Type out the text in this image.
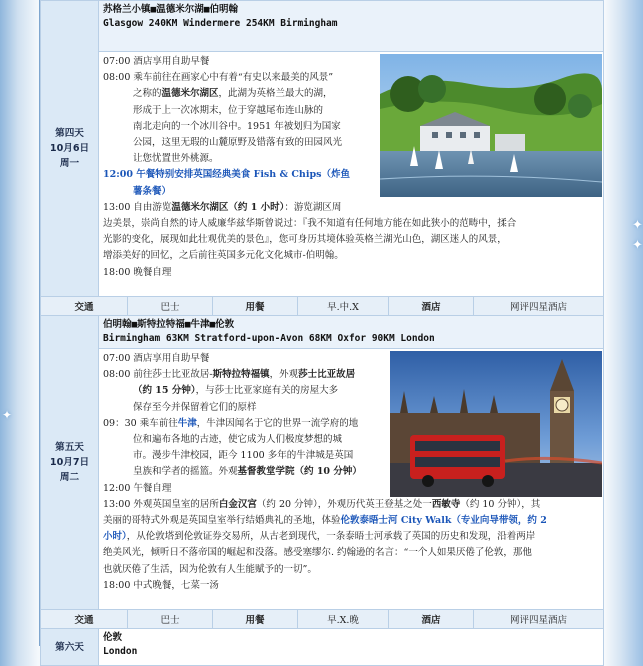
✦
✦
✦
第四天
10月6日
周一

苏格兰小镇■温德米尔湖■伯明翰
Glasgow 240KM Windermere 254KM Birmingham

07:00 酒店享用自助早餐
08:00 乘车前往在画家心中有着“有史以来最美的风景”
之称的温德米尔湖区，此湖为英格兰最大的湖，
形成于上一次冰期末，位于穿越尾布连山脉的
南北走向的一个冰川谷中。1951 年被划归为国家
公园，这里无瑕的山麓原野及错落有致的田园风光
让您忧置世外桃源。
12:00 午餐特别安排英国经典美食 Fish & Chips（炸鱼
薯条餐）
13:00 自由游览温德米尔湖区（约 1 小时）：游览湖区周
边美景，崇尚自然的诗人威廉华兹华斯曾说过：『我不知道有任何地方能在如此狭小的范畴中，揉合
光影的变化，展现如此壮观优美的景色』，您可身历其境体验英格兰湖光山色，湖区迷人的风景，
增添美好的回忆，之后前往英国多元化文化城市-伯明翰。
18:00 晚餐自理

交通	巴士	用餐	早.中.X	酒店	网评四星酒店

第五天
10月7日
周二

伯明翰■斯特拉特福■牛津■伦敦
Birmingham 63KM Stratford-upon-Avon 68KM Oxfor 90KM London

07:00 酒店享用自助早餐
08:00 前往莎士比亚故居-斯特拉特福镇，外观莎士比亚故居
（约 15 分钟），与莎士比亚家庭有关的房屋大多
保存至今并保留着它们的原样
09：30 乘车前往牛津，牛津因闻名于它的世界一流学府的地
位和遍布各地的古迹，使它成为人们极度梦想的城
市。漫步牛津校园，距今 1100 多年的牛津城是英国
皇族和学者的摇篮。外观基督教堂学院（约 10 分钟）
12:00 午餐自理
13:00 外观英国皇室的居所白金汉宫（约 20 分钟），外观历代英王登基之处一西敏寺（约 10 分钟），其
美丽的哥特式外观是英国皇室举行结婚典礼的圣地，体验伦敦泰晤士河 City Walk（专业向导带领，约 2
小时），从伦敦塔到伦敦证券交易所，从古老到现代，一条泰晤士河承载了英国的历史和发现，沿着两岸
绝美风光，倾听日不落帝国的崛起和没落。感受塞缪尔. 约翰逊的名言：“一个人如果厌倦了伦敦，那他
也就厌倦了生活，因为伦敦有人生能赋予的一切”。
18:00 中式晚餐，七菜一汤

交通	巴士	用餐	早.X.晚	酒店	网评四星酒店

第六天

伦敦
London
